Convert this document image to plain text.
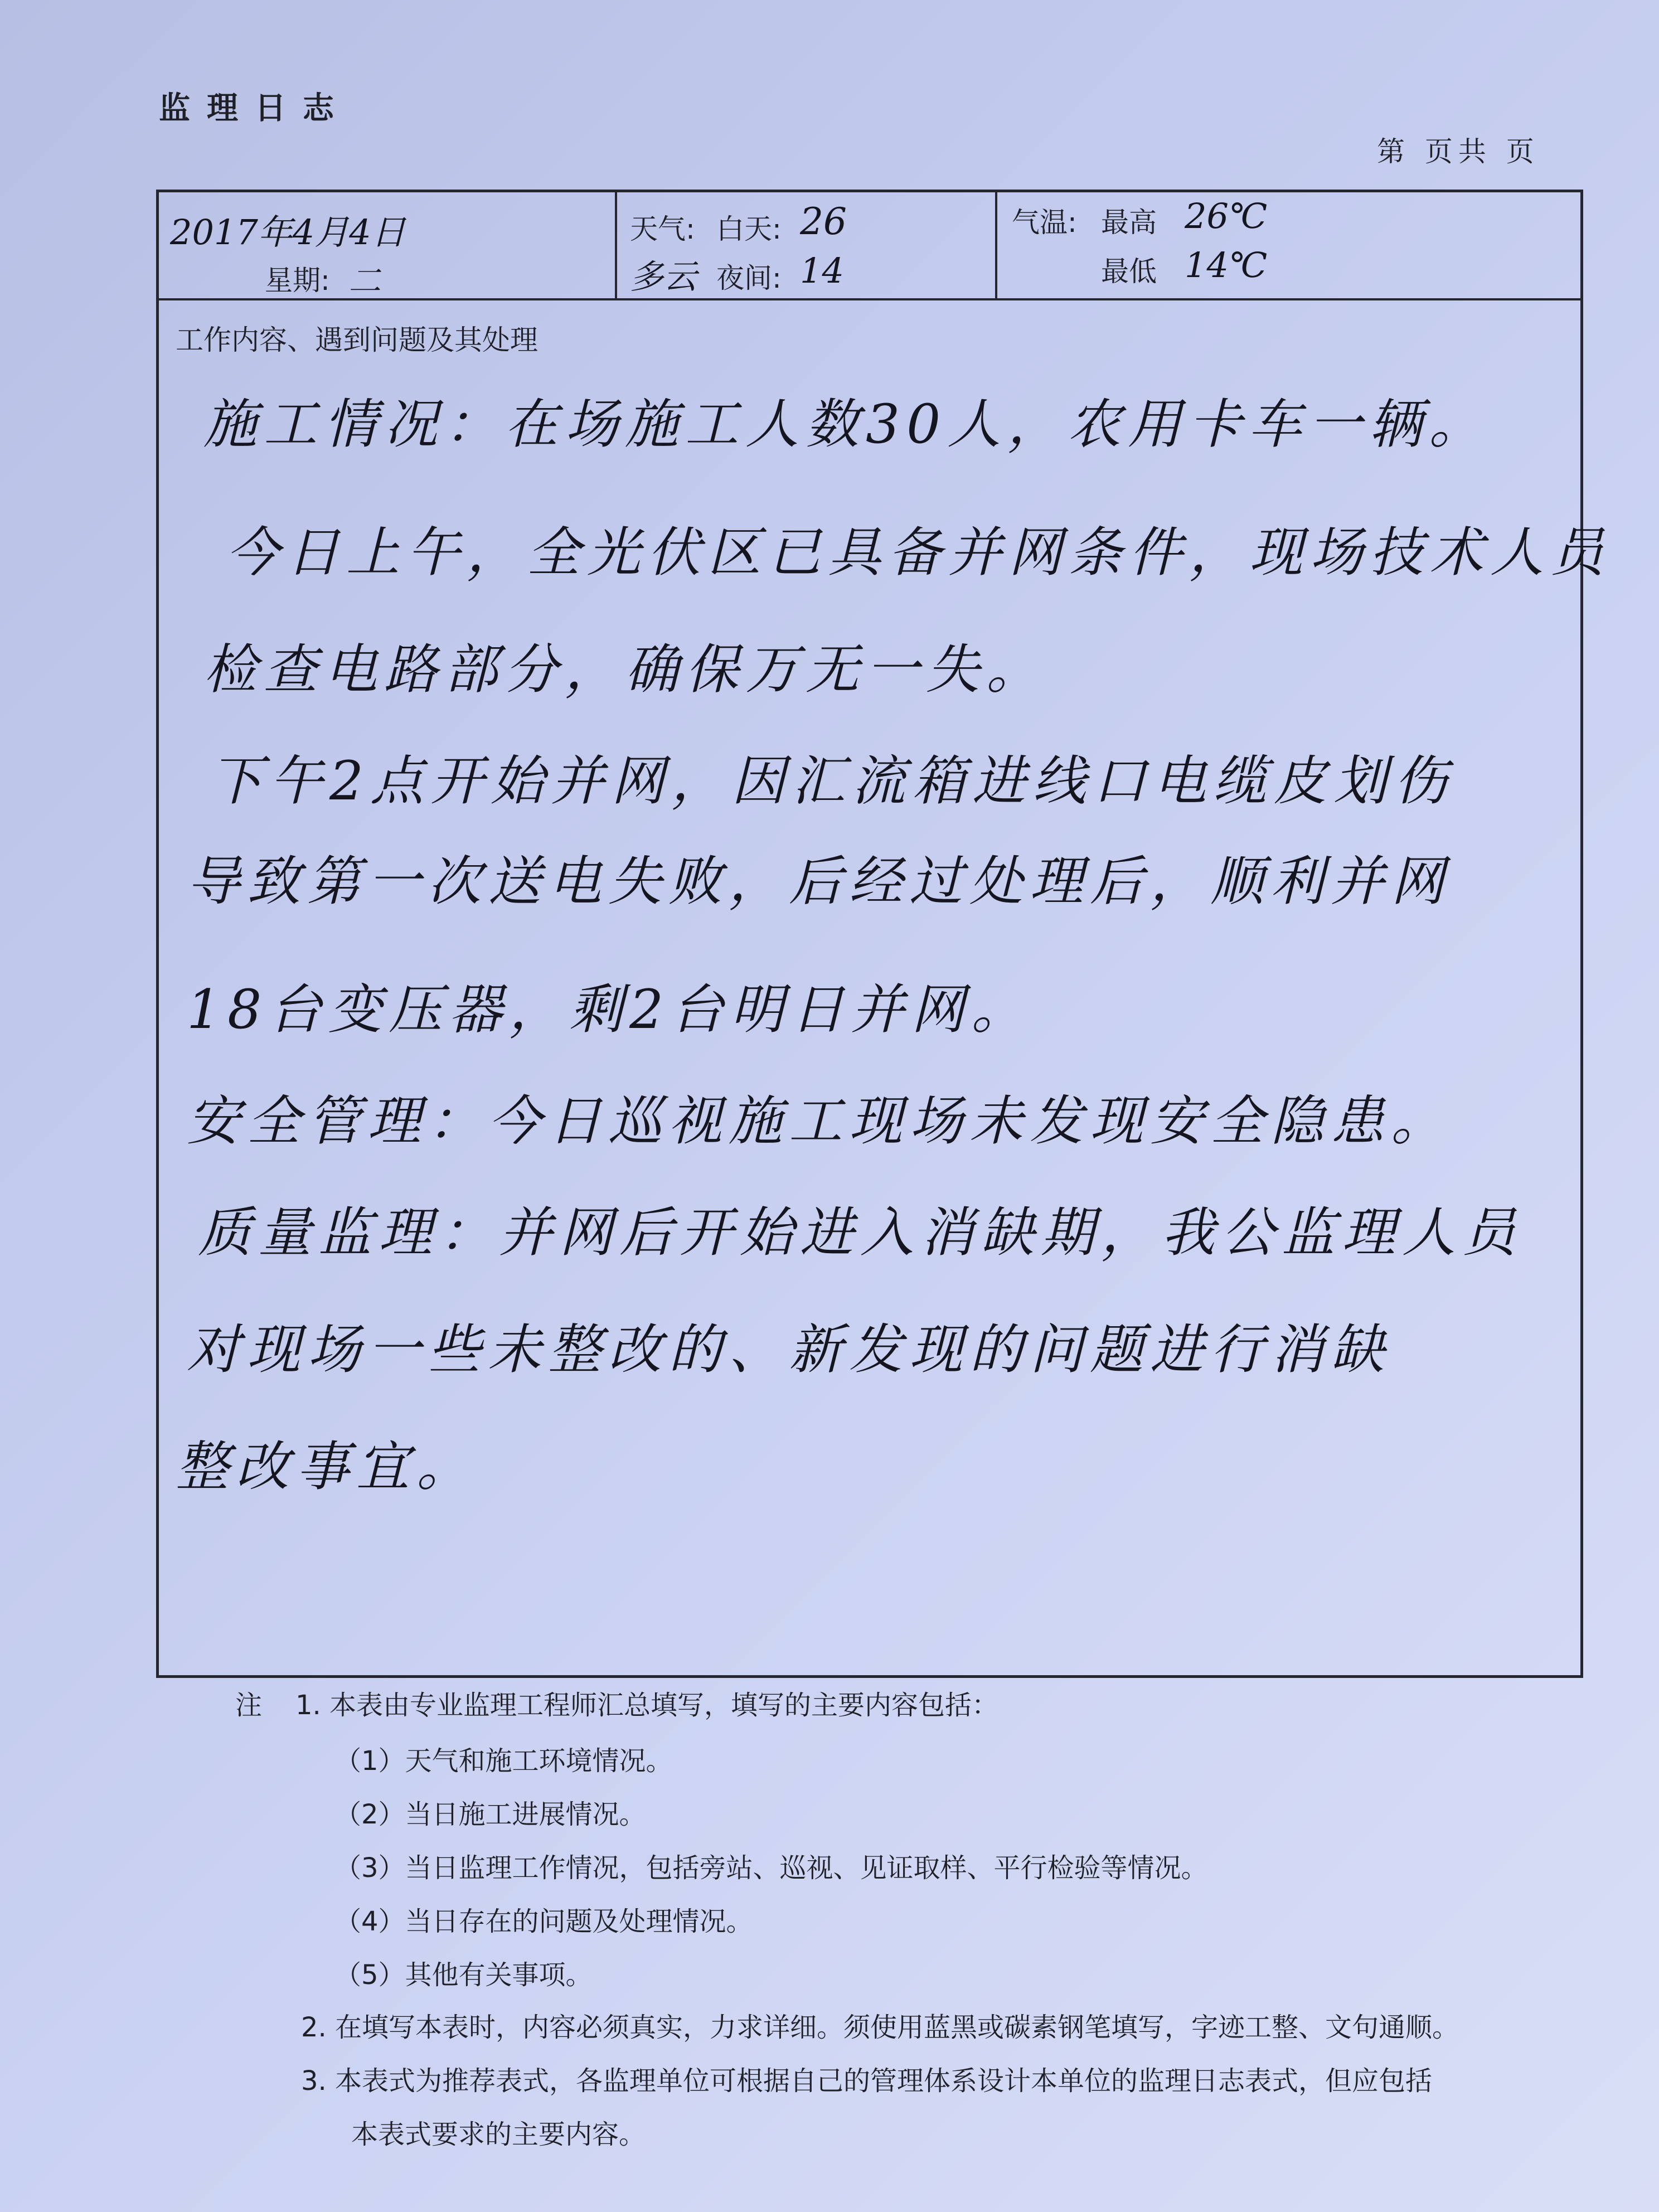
监理日志
第 页共 页
2017年4月4日
星期: 二
天气: 白天: 26
多云 夜间: 14
气温: 最高 26℃
最低 14℃
工作内容、遇到问题及其处理
施工情况：在场施工人数30人，农用卡车一辆。
今日上午，全光伏区已具备并网条件，现场技术人员
检查电路部分，确保万无一失。
下午2点开始并网，因汇流箱进线口电缆皮划伤
导致第一次送电失败，后经过处理后，顺利并网
18台变压器，剩2台明日并网。
安全管理：今日巡视施工现场未发现安全隐患。
质量监理：并网后开始进入消缺期，我公监理人员
对现场一些未整改的、新发现的问题进行消缺
整改事宜。
注 1. 本表由专业监理工程师汇总填写，填写的主要内容包括：
（1）天气和施工环境情况。
（2）当日施工进展情况。
（3）当日监理工作情况，包括旁站、巡视、见证取样、平行检验等情况。
（4）当日存在的问题及处理情况。
（5）其他有关事项。
2. 在填写本表时，内容必须真实，力求详细。须使用蓝黑或碳素钢笔填写，字迹工整、文句通顺。
3. 本表式为推荐表式，各监理单位可根据自己的管理体系设计本单位的监理日志表式，但应包括
本表式要求的主要内容。
